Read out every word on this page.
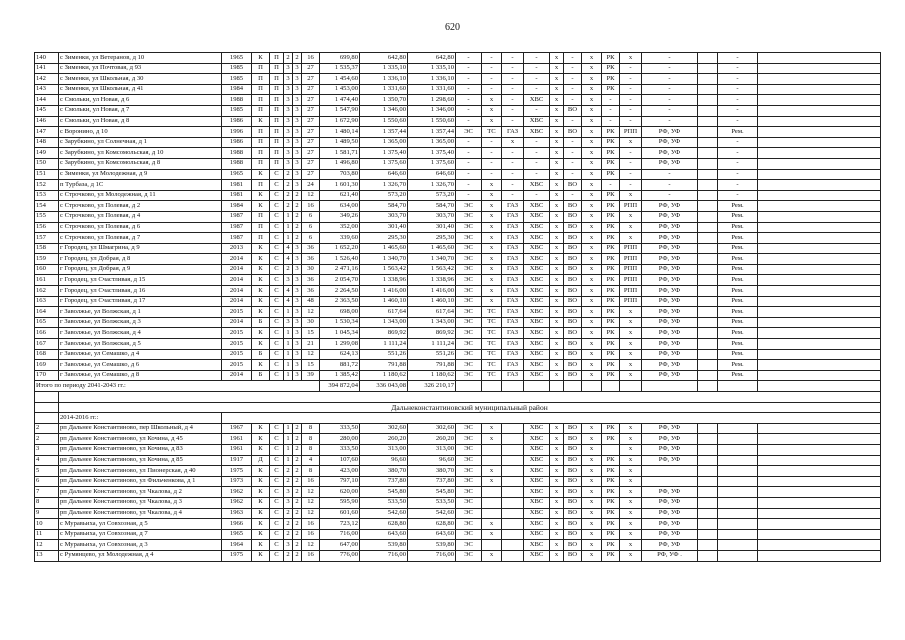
620
140	с Зименки, ул Ветеранов, д 10	1965	К	П	2	2	16	699,80	642,80	642,80	-	-	-	-	х	-	х	РК	х	-		-	
141	с Зименки, ул Почтовая, д 93	1985	П	П	3	3	27	1 535,37	1 335,10	1 335,10	-	-	-	-	х	-	х	РК	-	-		-	
142	с Зименки, ул Школьная, д 30	1985	П	П	3	3	27	1 454,60	1 336,10	1 336,10	-	-	-	-	х	-	х	РК	-	-		-	
143	с Зименки, ул Школьная, д 41	1984	П	П	3	3	27	1 453,00	1 331,60	1 331,60	-	-	-	-	х	-	х	РК	-	-		-	
144	с Смольки, ул Новая, д 6	1988	П	П	3	3	27	1 474,40	1 350,70	1 298,60	-	х	-	ХВС	х	-	х	-	-	-		-	
145	с Смольки, ул Новая, д 7	1985	П	П	3	3	27	1 547,90	1 346,00	1 346,00	-	х	-	-	х	ВО	х	-	-	-		-	
146	с Смольки, ул Новая, д 8	1986	К	П	3	3	27	1 672,90	1 550,60	1 550,60	-	х	-	ХВС	х	-	х	-	-	-		-	
147	с Воронино, д 10	1996	П	П	3	3	27	1 480,14	1 357,44	1 357,44	ЭС	ТС	ГАЗ	ХВС	х	ВО	х	РК	РПП	РФ, УФ		Рем.	
148	с Зарубкино, ул Солнечная, д 1	1986	П	П	3	3	27	1 489,50	1 365,00	1 365,00	-	-	х	-	х	-	х	РК	х	РФ, УФ		-	
149	с Зарубкино, ул Комсомольская, д 10	1988	П	П	3	3	27	1 581,71	1 375,40	1 375,40	-	-	-	-	х	-	х	РК	-	РФ, УФ		-	
150	с Зарубкино, ул Комсомольская, д 8	1988	П	П	3	3	27	1 496,80	1 375,60	1 375,60	-	-	-	-	х	-	х	РК	-	РФ, УФ		-	
151	с Зименки, ул Молодежная, д 9	1965	К	С	2	3	27	703,80	646,60	646,60	-	-	-	-	х	-	х	РК	-	-		-	
152	п Турбаза, д 1С	1981	П	С	2	3	24	1 601,30	1 326,70	1 326,70	-	х	-	ХВС	х	ВО	х	-	-	-		-	
153	с Строчково, ул Молодежная, д 11	1981	К	С	2	2	12	621,40	573,20	573,20	-	х	-	-	х	-	х	РК	х	-		-	
154	с Строчково, ул Полевая, д 2	1984	К	С	2	2	16	634,00	584,70	584,70	ЭС	х	ГАЗ	ХВС	х	ВО	х	РК	РПП	РФ, УФ		Рем.	
155	с Строчково, ул Полевая, д 4	1987	П	С	1	2	6	349,26	303,70	303,70	ЭС	х	ГАЗ	ХВС	х	ВО	х	РК	х	РФ, УФ		Рем.	
156	с Строчково, ул Полевая, д 6	1987	П	С	1	2	6	352,00	301,40	301,40	ЭС	х	ГАЗ	ХВС	х	ВО	х	РК	х	РФ, УФ		Рем.	
157	с Строчково, ул Полевая, д 7	1987	П	С	1	2	6	339,60	295,30	295,30	ЭС	х	ГАЗ	ХВС	х	ВО	х	РК	х	РФ, УФ		Рем.	
158	г Городец, ул Шмагрина, д 9	2013	К	С	4	3	36	1 652,20	1 465,60	1 465,60	ЭС	х	ГАЗ	ХВС	х	ВО	х	РК	РПП	РФ, УФ		Рем.	
159	г Городец, ул Добрая, д 8	2014	К	С	4	3	36	1 526,40	1 340,70	1 340,70	ЭС	х	ГАЗ	ХВС	х	ВО	х	РК	РПП	РФ, УФ		Рем.	
160	г Городец, ул Добрая, д 9	2014	К	С	2	3	30	2 471,16	1 563,42	1 563,42	ЭС	х	ГАЗ	ХВС	х	ВО	х	РК	РПП	РФ, УФ		Рем.	
161	г Городец, ул Счастливая, д 15	2014	К	С	3	3	36	2 054,70	1 338,96	1 338,96	ЭС	х	ГАЗ	ХВС	х	ВО	х	РК	РПП	РФ, УФ		Рем.	
162	г Городец, ул Счастливая, д 16	2014	К	С	4	3	36	2 264,50	1 416,00	1 416,00	ЭС	х	ГАЗ	ХВС	х	ВО	х	РК	РПП	РФ, УФ		Рем.	
163	г Городец, ул Счастливая, д 17	2014	К	С	4	3	48	2 363,50	1 460,10	1 460,10	ЭС	х	ГАЗ	ХВС	х	ВО	х	РК	РПП	РФ, УФ		Рем.	
164	г Заволжье, ул Волжская, д 1	2015	К	С	1	3	12	698,00	617,64	617,64	ЭС	ТС	ГАЗ	ХВС	х	ВО	х	РК	х	РФ, УФ		Рем.	
165	г Заволжье, ул Волжская, д 3	2014	Б	С	3	3	30	1 530,34	1 343,00	1 343,00	ЭС	ТС	ГАЗ	ХВС	х	ВО	х	РК	х	РФ, УФ		Рем.	
166	г Заволжье, ул Волжская, д 4	2015	К	С	1	3	15	1 045,34	869,92	869,92	ЭС	ТС	ГАЗ	ХВС	х	ВО	х	РК	х	РФ, УФ		Рем.	
167	г Заволжье, ул Волжская, д 5	2015	К	С	1	3	21	1 299,08	1 111,24	1 111,24	ЭС	ТС	ГАЗ	ХВС	х	ВО	х	РК	х	РФ, УФ		Рем.	
168	г Заволжье, ул Семашко, д 4	2015	Б	С	1	3	12	624,13	551,26	551,26	ЭС	ТС	ГАЗ	ХВС	х	ВО	х	РК	х	РФ, УФ		Рем.	
169	г Заволжье, ул Семашко, д 6	2015	К	С	1	3	15	881,72	791,88	791,88	ЭС	ТС	ГАЗ	ХВС	х	ВО	х	РК	х	РФ, УФ		Рем.	
170	г Заволжье, ул Семашко, д 8	2014	Б	С	1	3	39	1 385,42	1 180,62	1 180,62	ЭС	ТС	ГАЗ	ХВС	х	ВО	х	РК	х	РФ, УФ		Рем.	
Итого по периоду 2041-2043 гг.:								394 872,04	336 043,08	326 210,17													

	Дальнеконстантиновский муниципальный район																						
	2014-2016 гг.:																						
2	рп Дальнее Константиново, пер Школьный, д 4	1967	К	С	1	2	8	333,50	302,60	302,60	ЭС	х		ХВС	х	ВО	х	РК	х	РФ, УФ			
2	рп Дальнее Константиново, ул Кочина, д 45	1961	К	С	1	2	8	280,00	260,20	260,20	ЭС	х		ХВС	х	ВО	х	РК	х	РФ, УФ			
3	рп Дальнее Константиново, ул Кочина, д 83	1961	К	С	1	2	8	333,50	313,00	313,00	ЭС			ХВС	х	ВО	х		х	РФ, УФ			
4	рп Дальнее Константиново, ул Кочина, д 85	1917	Д	С	1	2	4	107,60	96,60	96,60	ЭС			ХВС	х	ВО	х	РК	х	РФ, УФ			
5	рп Дальнее Константиново, ул Пионерская, д 40	1975	К	С	2	2	8	423,00	380,70	380,70	ЭС	х		ХВС	х	ВО	х	РК	х				
6	рп Дальнее Константиново, ул Фильченкова, д 1	1973	К	С	2	2	16	797,10	737,80	737,80	ЭС	х		ХВС	х	ВО	х	РК	х				
7	рп Дальнее Константиново, ул Чкалова, д 2	1962	К	С	3	2	12	620,00	545,80	545,80	ЭС			ХВС	х	ВО	х	РК	х	РФ, УФ			
8	рп Дальнее Константиново, ул Чкалова, д 3	1962	К	С	3	2	12	595,90	533,50	533,50	ЭС			ХВС	х	ВО	х	РК	х	РФ, УФ			
9	рп Дальнее Константиново, ул Чкалова, д 4	1963	К	С	2	2	12	601,60	542,60	542,60	ЭС			ХВС	х	ВО	х	РК	х	РФ, УФ			
10	с Муравьиха, ул Совхозная, д 5	1966	К	С	2	2	16	723,12	628,80	628,80	ЭС	х		ХВС	х	ВО	х	РК	х	РФ, УФ			
11	с Муравьиха, ул Совхозная, д 7	1965	К	С	2	2	16	716,00	643,60	643,60	ЭС	х		ХВС	х	ВО	х	РК	х	РФ, УФ			
12	с Муравьиха, ул Совхозная, д 3	1964	К	С	3	2	12	647,00	539,80	539,80	ЭС			ХВС	х	ВО	х	РК	х	РФ, УФ			
13	с Румянцево, ул Молодежная, д 4	1975	К	С	2	2	16	776,00	716,00	716,00	ЭС	х		ХВС	х	ВО	х	РК	х	РФ, УФ .			
